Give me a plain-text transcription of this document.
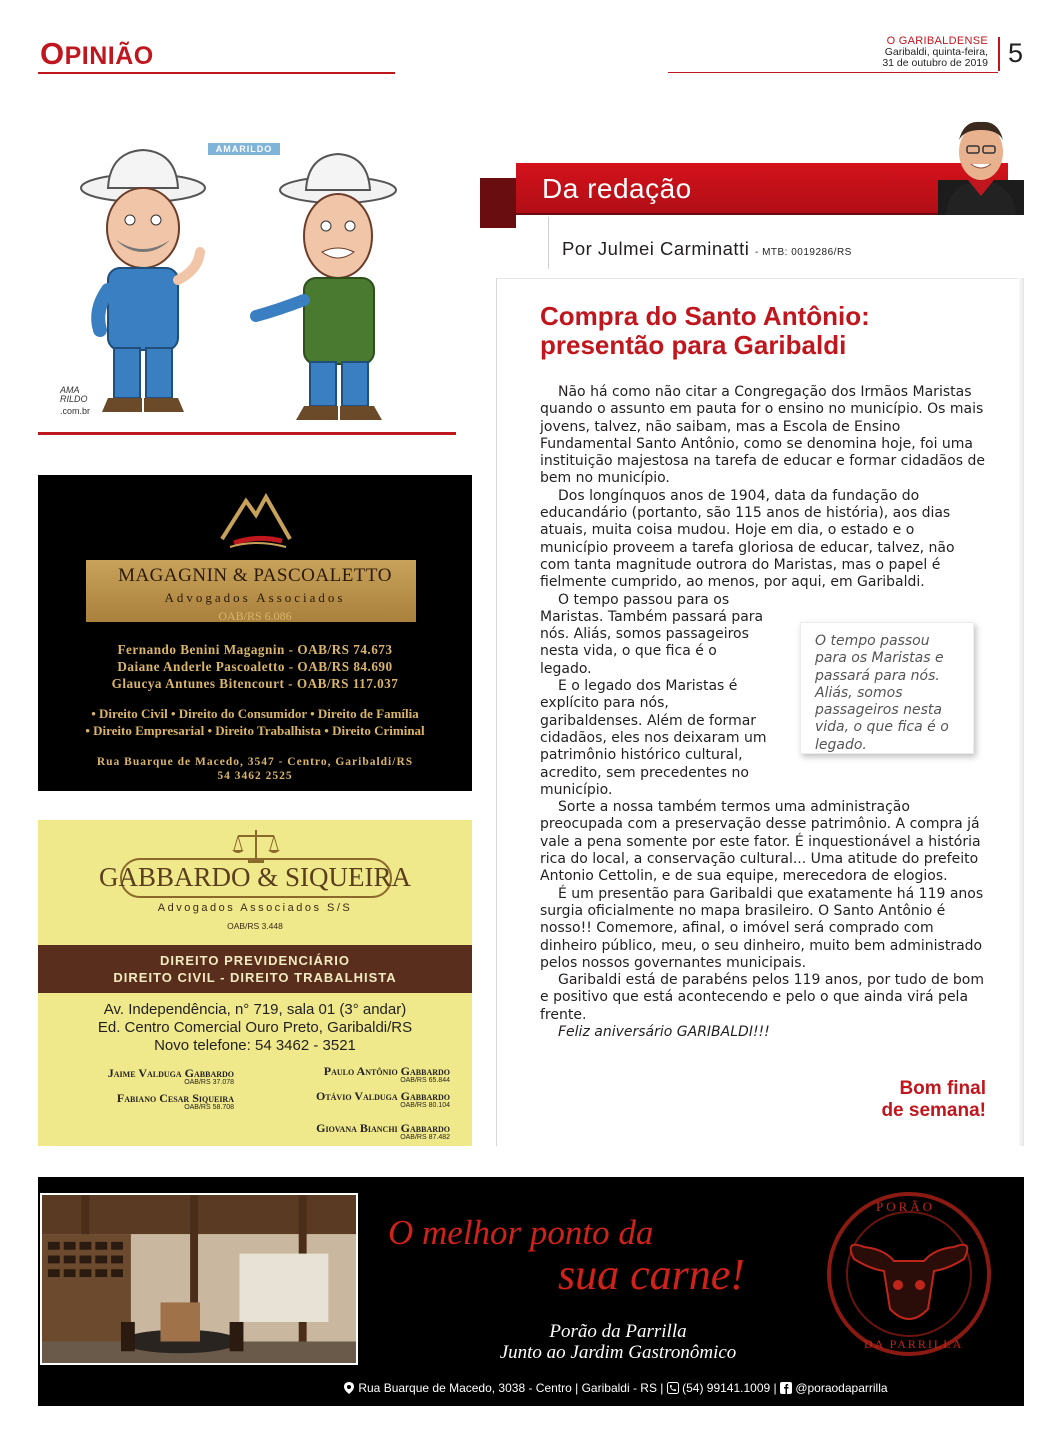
OPINIÃO
O GARIBALDENSE
Garibaldi, quinta-feira,
31 de outubro de 2019 5
AMARILDO
AMA RILDO
.com.br
MAGAGNIN & PASCOALETTO
Advogados Associados
OAB/RS 6.086
Fernando Benini Magagnin - OAB/RS 74.673
Daiane Anderle Pascoaletto - OAB/RS 84.690
Glaucya Antunes Bitencourt - OAB/RS 117.037
• Direito Civil • Direito do Consumidor • Direito de Família
• Direito Empresarial • Direito Trabalhista • Direito Criminal
Rua Buarque de Macedo, 3547 - Centro, Garibaldi/RS
54 3462 2525
GABBARDO & SIQUEIRA
Advogados Associados S/S
OAB/RS 3.448
DIREITO PREVIDENCIÁRIO
DIREITO CIVIL - DIREITO TRABALHISTA
Av. Independência, n° 719, sala 01 (3° andar)
Ed. Centro Comercial Ouro Preto, Garibaldi/RS
Novo telefone: 54 3462 - 3521
Jaime Valduga Gabbardo
OAB/RS 37.078
Paulo Antônio Gabbardo
OAB/RS 65.844
Fabiano Cesar Siqueira
OAB/RS 58.708
Otávio Valduga Gabbardo
OAB/RS 80.104
Giovana Bianchi Gabbardo
OAB/RS 87.482
Da redação
Por Julmei Carminatti - MTB: 0019286/RS
Compra do Santo Antônio:
presentão para Garibaldi

Não há como não citar a Congregação dos Irmãos Maristas quando o assunto em pauta for o ensino no município. Os mais jovens, talvez, não saibam, mas a Escola de Ensino Fundamental Santo Antônio, como se denomina hoje, foi uma instituição majestosa na tarefa de educar e formar cidadãos de bem no município.

Dos longínquos anos de 1904, data da fundação do educandário (portanto, são 115 anos de história), aos dias atuais, muita coisa mudou. Hoje em dia, o estado e o município proveem a tarefa gloriosa de educar, talvez, não com tanta magnitude outrora do Maristas, mas o papel é fielmente cumprido, ao menos, por aqui, em Garibaldi.

O tempo passou para os Maristas. Também passará para nós. Aliás, somos passageiros nesta vida, o que fica é o legado.

E o legado dos Maristas é explícito para nós, garibaldenses. Além de formar cidadãos, eles nos deixaram um patrimônio histórico cultural, acredito, sem precedentes no município.

Sorte a nossa também termos uma administração preocupada com a preservação desse patrimônio. A compra já vale a pena somente por este fator. É inquestionável a história rica do local, a conservação cultural... Uma atitude do prefeito Antonio Cettolin, e de sua equipe, merecedora de elogios.

É um presentão para Garibaldi que exatamente há 119 anos surgia oficialmente no mapa brasileiro. O Santo Antônio é nosso!! Comemore, afinal, o imóvel será comprado com dinheiro público, meu, o seu dinheiro, muito bem administrado pelos nossos governantes municipais.

Garibaldi está de parabéns pelos 119 anos, por tudo de bom e positivo que está acontecendo e pelo o que ainda virá pela frente.

Feliz aniversário GARIBALDI!!!

O tempo passou para os Maristas e passará para nós. Aliás, somos passageiros nesta vida, o que fica é o legado.
Bom final
de semana!
O melhor ponto da
sua carne!
Porão da Parrilla
Junto ao Jardim Gastronômico
PORÃO
DA PARRILLA
Rua Buarque de Macedo, 3038 - Centro | Garibaldi - RS | (54) 99141.1009 |  @poraodaparrilla
